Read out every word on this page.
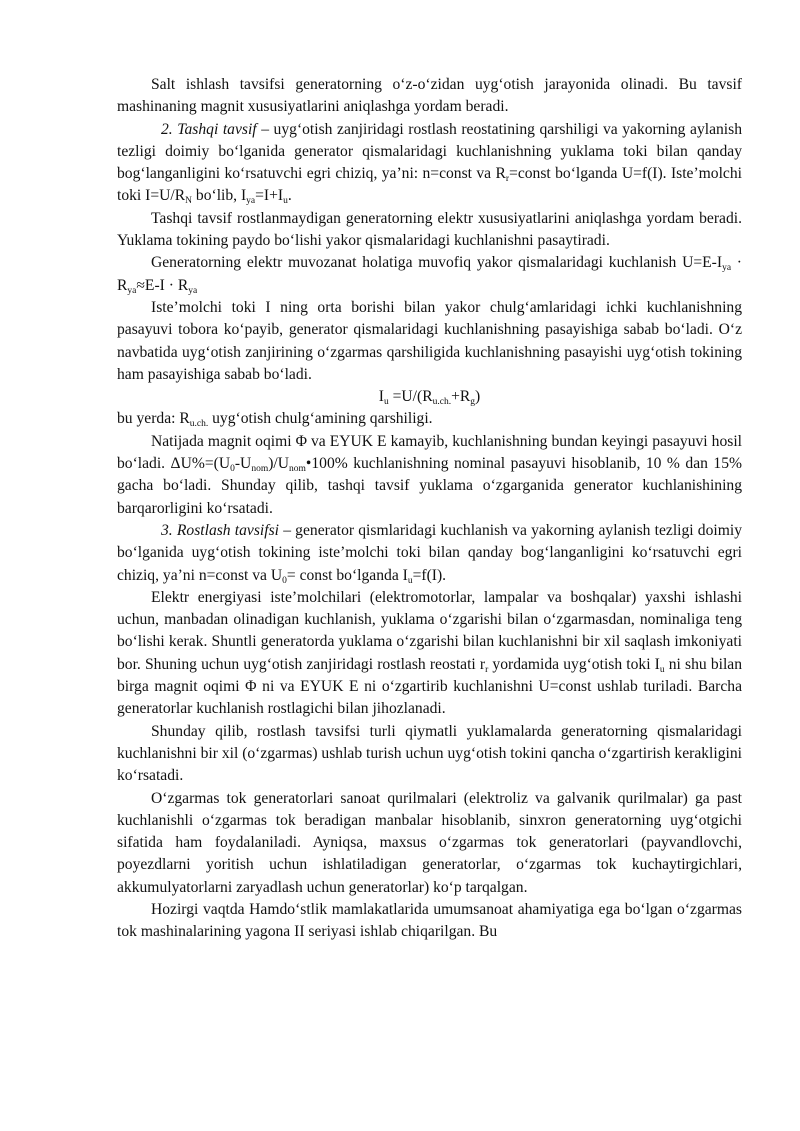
Salt ishlash tavsifsi generatorning oʻz-oʻzidan uygʻotish jarayonida olinadi. Bu tavsif mashinaning magnit xususiyatlarini aniqlashga yordam beradi.

2. Tashqi tavsif – uygʻotish zanjiridagi rostlash reostatining qarshiligi va yakorning aylanish tezligi doimiy boʻlganida generator qismalaridagi kuchlanishning yuklama toki bilan qanday bogʻlanganligini koʻrsatuvchi egri chiziq, ya’ni: n=const va $R_r=const$ boʻlganda U=f(I). Iste’molchi toki $I=U/R_N$ boʻlib, $I_{ya}=I+I_u$.

Tashqi tavsif rostlanmaydigan generatorning elektr xususiyatlarini aniqlashga yordam beradi. Yuklama tokining paydo boʻlishi yakor qismalaridagi kuchlanishni pasaytiradi.

Generatorning elektr muvozanat holatiga muvofiq yakor qismalaridagi kuchlanish $U=E-I_{ya} \cdot R_{ya}\approx E-I \cdot R_{ya}$

Iste’molchi toki I ning orta borishi bilan yakor chulgʻamlaridagi ichki kuchlanishning pasayuvi tobora koʻpayib, generator qismalaridagi kuchlanishning pasayishiga sabab boʻladi. Oʻz navbatida uygʻotish zanjirining oʻzgarmas qarshiligida kuchlanishning pasayishi uygʻotish tokining ham pasayishiga sabab boʻladi.

$I_u =U/(R_{u.ch.}+R_g)$

bu yerda: $R_{u.ch.}$ uygʻotish chulgʻamining qarshiligi.

Natijada magnit oqimi Φ va EYUK E kamayib, kuchlanishning bundan keyingi pasayuvi hosil boʻladi. $\Delta U\%=(U_0-U_{nom})/U_{nom}•100\%$ kuchlanishning nominal pasayuvi hisoblanib, 10 % dan 15% gacha boʻladi. Shunday qilib, tashqi tavsif yuklama oʻzgarganida generator kuchlanishining barqarorligini koʻrsatadi.

3. Rostlash tavsifsi – generator qismlaridagi kuchlanish va yakorning aylanish tezligi doimiy boʻlganida uygʻotish tokining iste’molchi toki bilan qanday bogʻlanganligini koʻrsatuvchi egri chiziq, ya’ni n=const va $U_0=$ const boʻlganda $I_u=f(I)$.

Elektr energiyasi iste’molchilari (elektromotorlar, lampalar va boshqalar) yaxshi ishlashi uchun, manbadan olinadigan kuchlanish, yuklama oʻzgarishi bilan oʻzgarmasdan, nominaliga teng boʻlishi kerak. Shuntli generatorda yuklama oʻzgarishi bilan kuchlanishni bir xil saqlash imkoniyati bor. Shuning uchun uygʻotish zanjiridagi rostlash reostati $r_r$ yordamida uygʻotish toki $I_u$ ni shu bilan birga magnit oqimi Φ ni va EYUK E ni oʻzgartirib kuchlanishni U=const ushlab turiladi. Barcha generatorlar kuchlanish rostlagichi bilan jihozlanadi.

Shunday qilib, rostlash tavsifsi turli qiymatli yuklamalarda generatorning qismalaridagi kuchlanishni bir xil (oʻzgarmas) ushlab turish uchun uygʻotish tokini qancha oʻzgartirish kerakligini koʻrsatadi.

Oʻzgarmas tok generatorlari sanoat qurilmalari (elektroliz va galvanik qurilmalar) ga past kuchlanishli oʻzgarmas tok beradigan manbalar hisoblanib, sinxron generatorning uygʻotgichi sifatida ham foydalaniladi. Ayniqsa, maxsus oʻzgarmas tok generatorlari (payvandlovchi, poyezdlarni yoritish uchun ishlatiladigan generatorlar, oʻzgarmas tok kuchaytirgichlari, akkumulyatorlarni zaryadlash uchun generatorlar) koʻp tarqalgan.

Hozirgi vaqtda Hamdoʻstlik mamlakatlarida umumsanoat ahamiyatiga ega boʻlgan oʻzgarmas tok mashinalarining yagona II seriyasi ishlab chiqarilgan. Bu
